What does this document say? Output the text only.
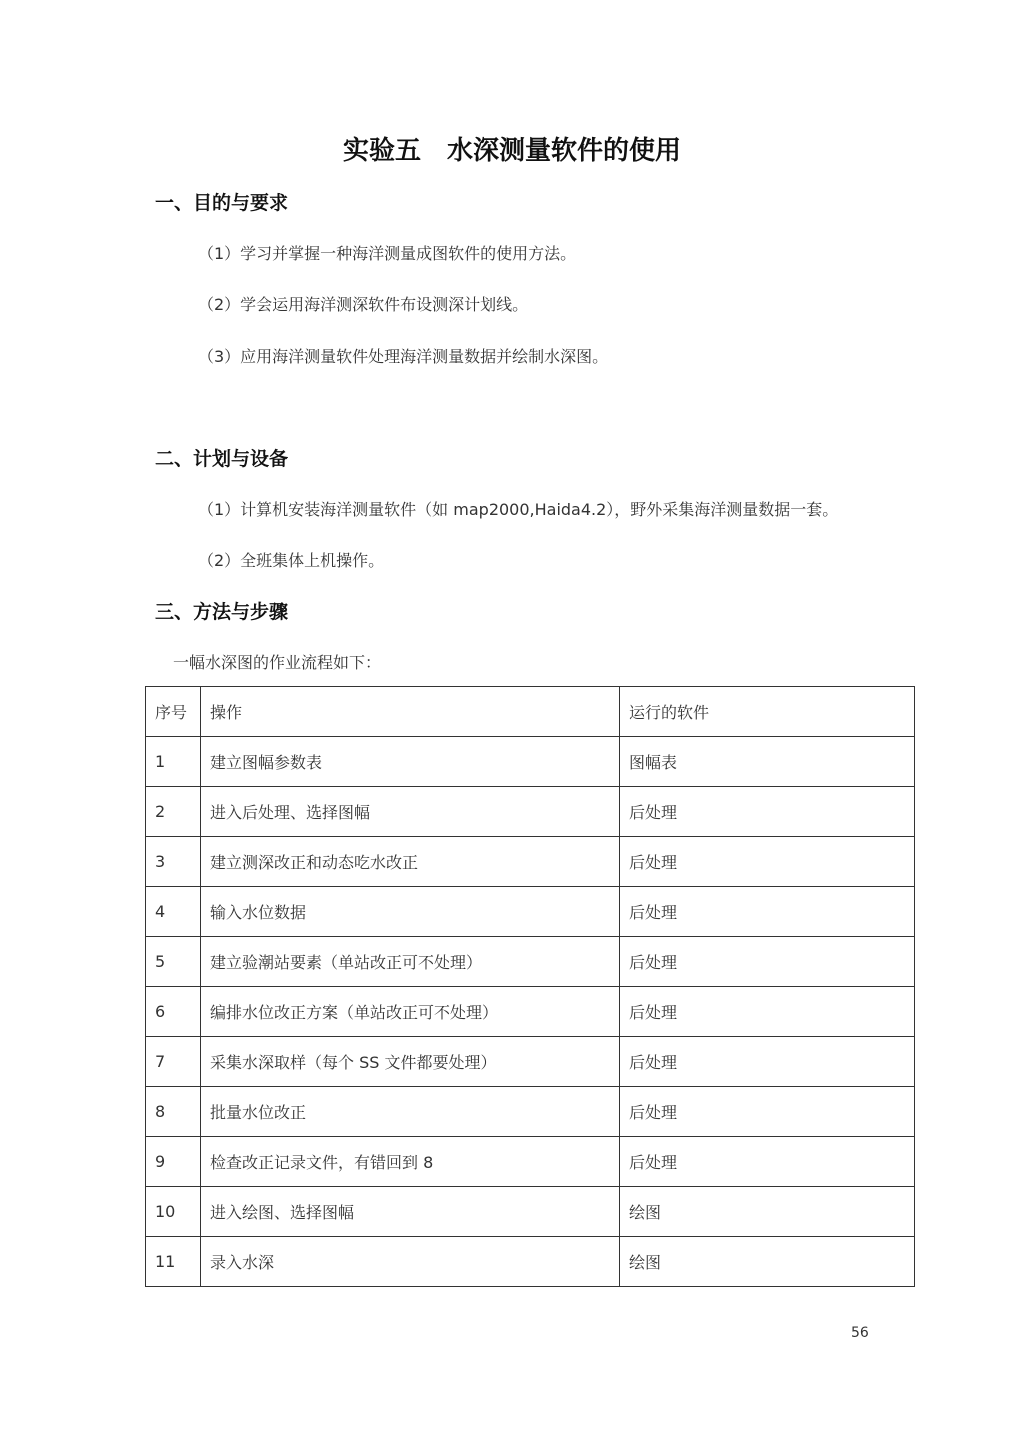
实验五　水深测量软件的使用
一、目的与要求
（1）学习并掌握一种海洋测量成图软件的使用方法。
（2）学会运用海洋测深软件布设测深计划线。
（3）应用海洋测量软件处理海洋测量数据并绘制水深图。
二、计划与设备
（1）计算机安装海洋测量软件（如 map2000,Haida4.2），野外采集海洋测量数据一套。
（2）全班集体上机操作。
三、方法与步骤
一幅水深图的作业流程如下：
序号	操作	运行的软件
1	建立图幅参数表	图幅表
2	进入后处理、选择图幅	后处理
3	建立测深改正和动态吃水改正	后处理
4	输入水位数据	后处理
5	建立验潮站要素（单站改正可不处理）	后处理
6	编排水位改正方案（单站改正可不处理）	后处理
7	采集水深取样（每个 SS 文件都要处理）	后处理
8	批量水位改正	后处理
9	检查改正记录文件，有错回到 8	后处理
10	进入绘图、选择图幅	绘图
11	录入水深	绘图
56
